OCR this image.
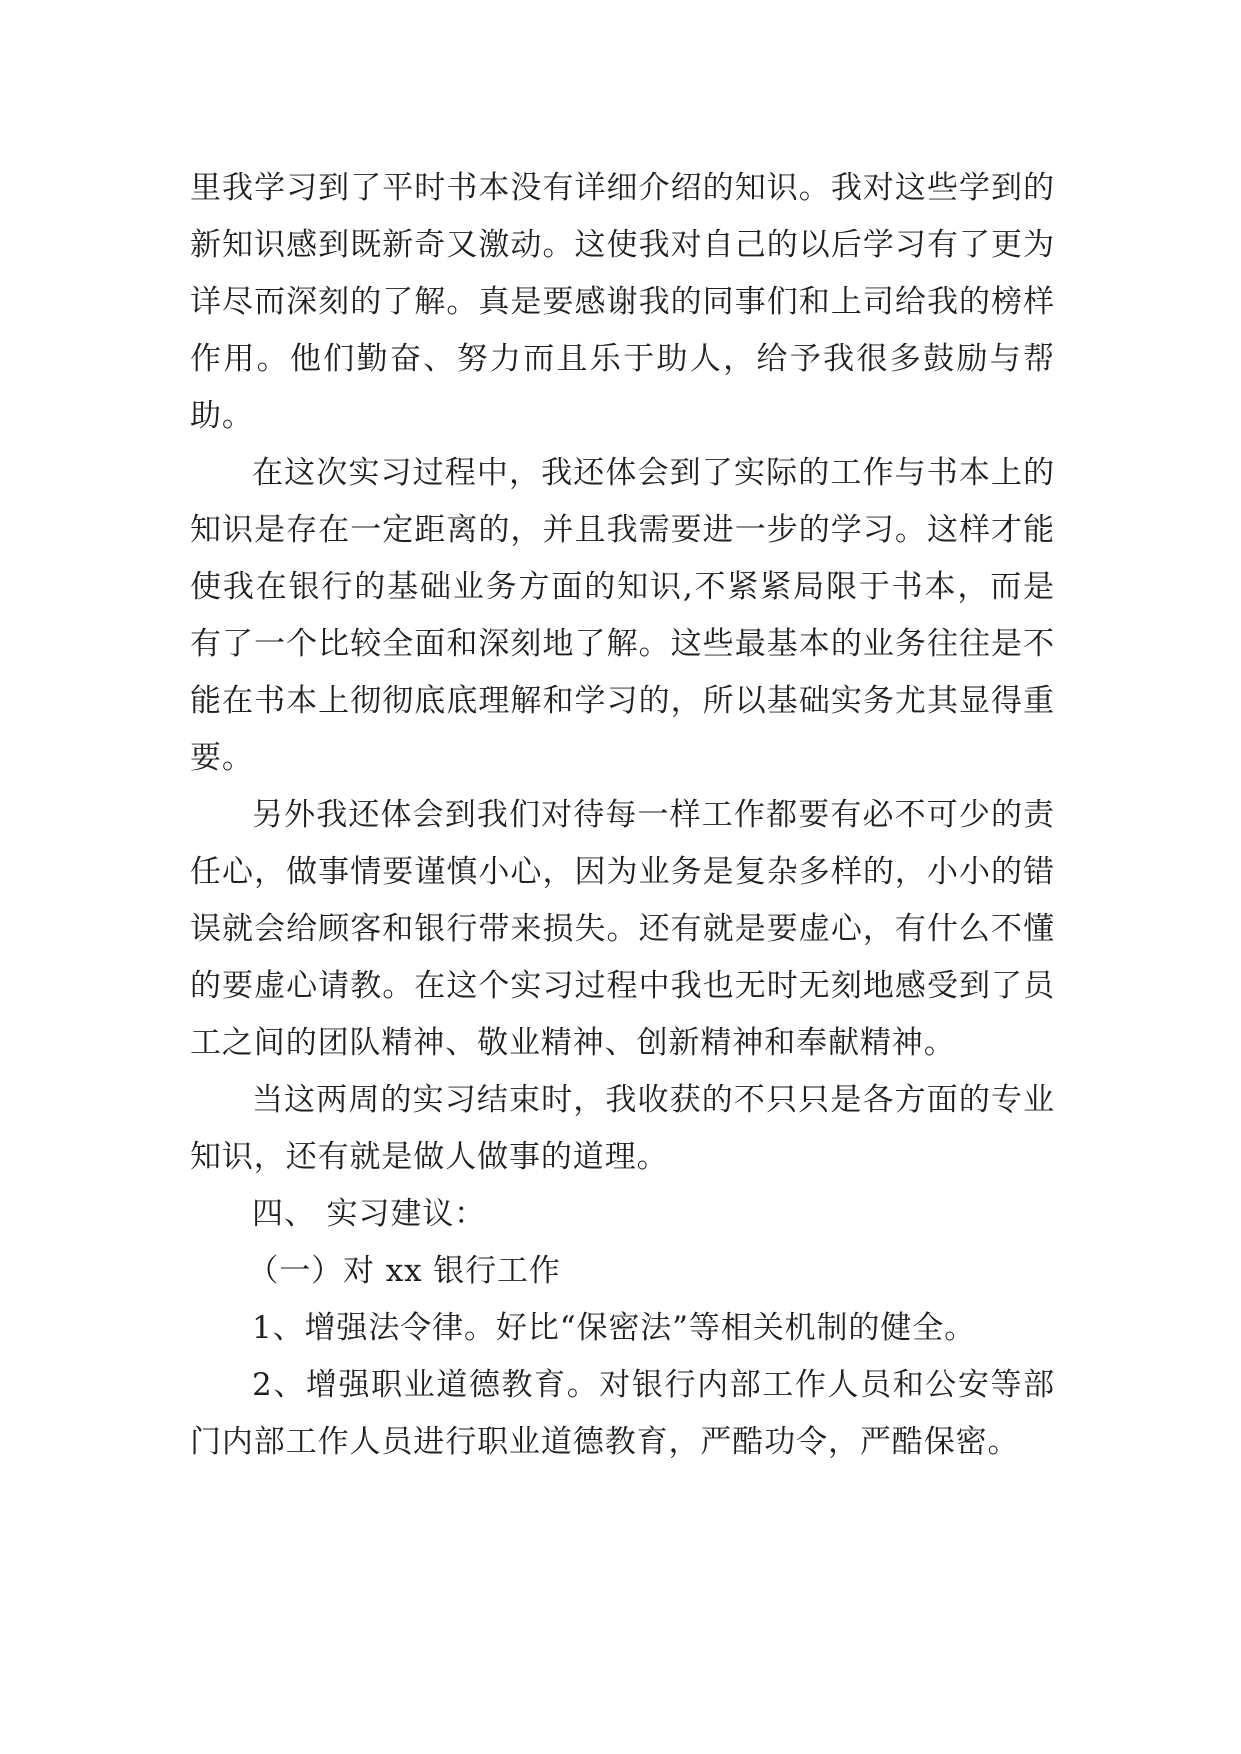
里我学习到了平时书本没有详细介绍的知识。我对这些学到的新知识感到既新奇又激动。这使我对自己的以后学习有了更为详尽而深刻的了解。真是要感谢我的同事们和上司给我的榜样作用。他们勤奋、努力而且乐于助人，给予我很多鼓励与帮助。

在这次实习过程中，我还体会到了实际的工作与书本上的知识是存在一定距离的，并且我需要进一步的学习。这样才能使我在银行的基础业务方面的知识,不紧紧局限于书本，而是有了一个比较全面和深刻地了解。这些最基本的业务往往是不能在书本上彻彻底底理解和学习的，所以基础实务尤其显得重要。

另外我还体会到我们对待每一样工作都要有必不可少的责任心，做事情要谨慎小心，因为业务是复杂多样的，小小的错误就会给顾客和银行带来损失。还有就是要虚心，有什么不懂的要虚心请教。在这个实习过程中我也无时无刻地感受到了员工之间的团队精神、敬业精神、创新精神和奉献精神。

当这两周的实习结束时，我收获的不只只是各方面的专业知识，还有就是做人做事的道理。

四、 实习建议：

（一）对 xx 银行工作

1、增强法令律。好比“保密法”等相关机制的健全。

2、增强职业道德教育。对银行内部工作人员和公安等部门内部工作人员进行职业道德教育，严酷功令，严酷保密。
